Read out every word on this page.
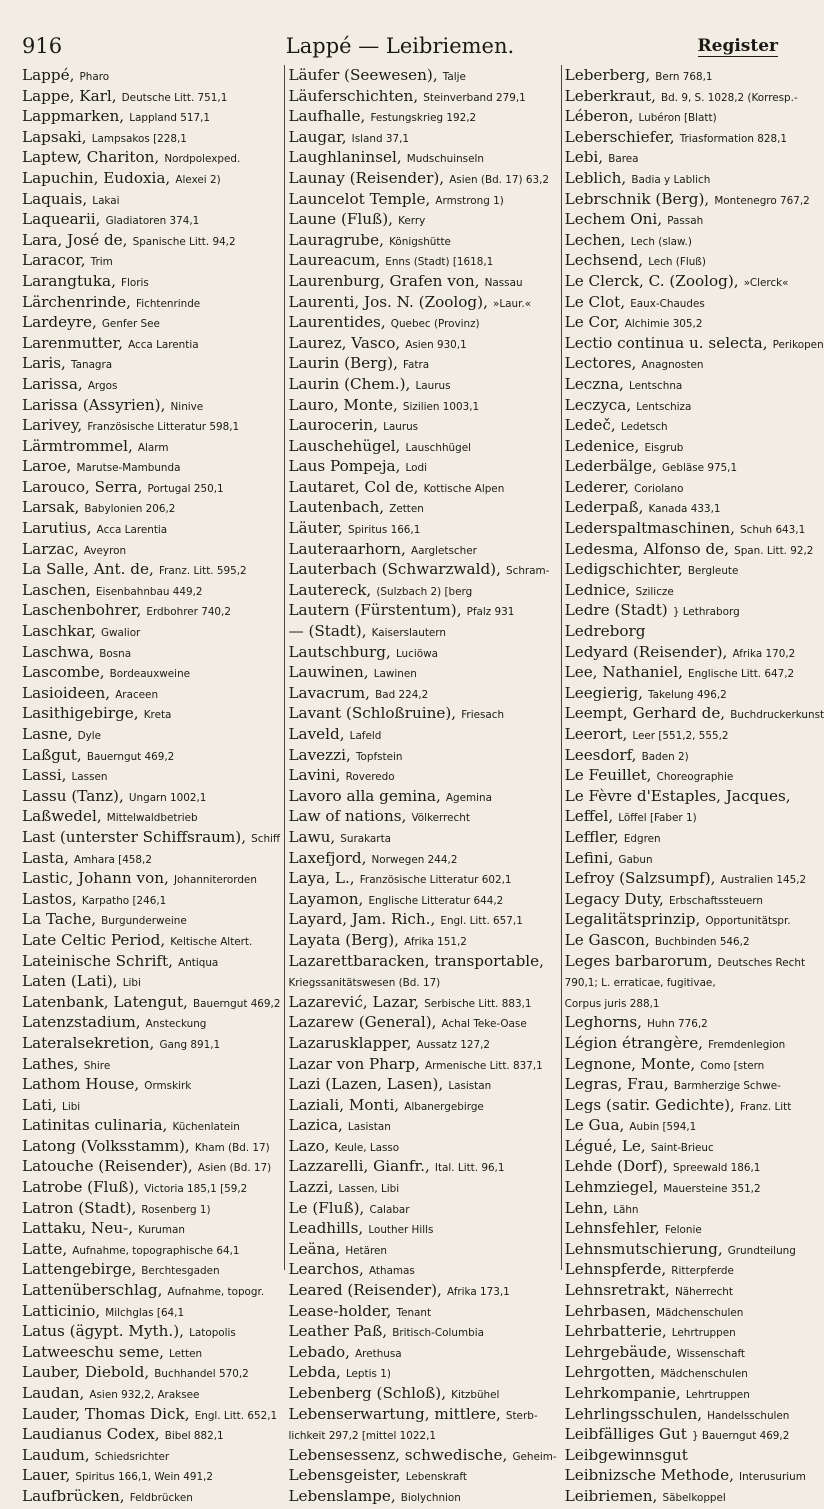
916	Lappé — Leibriemen.	Register
Lappé, Pharo
Lappe, Karl, Deutsche Litt. 751,1
Lappmarken, Lappland 517,1
Lapsaki, Lampsakos [228,1
Laptew, Chariton, Nordpolexped.
Lapuchin, Eudoxia, Alexei 2)
Laquais, Lakai
Laquearii, Gladiatoren 374,1
Lara, José de, Spanische Litt. 94,2
Laracor, Trim
Larangtuka, Floris
Lärchenrinde, Fichtenrinde
Lardeyre, Genfer See
Larenmutter, Acca Larentia
Laris, Tanagra
Larissa, Argos
Larissa (Assyrien), Ninive
Larivey, Französische Litteratur 598,1
Lärmtrommel, Alarm
Laroe, Marutse-Mambunda
Larouco, Serra, Portugal 250,1
Larsak, Babylonien 206,2
Larutius, Acca Larentia
Larzac, Aveyron
La Salle, Ant. de, Franz. Litt. 595,2
Laschen, Eisenbahnbau 449,2
Laschenbohrer, Erdbohrer 740,2
Laschkar, Gwalior
Laschwa, Bosna
Lascombe, Bordeauxweine
Lasioideen, Araceen
Lasithigebirge, Kreta
Lasne, Dyle
Laßgut, Bauerngut 469,2
Lassi, Lassen
Lassu (Tanz), Ungarn 1002,1
Laßwedel, Mittelwaldbetrieb
Last (unterster Schiffsraum), Schiff
Lasta, Amhara [458,2
Lastic, Johann von, Johanniterorden
Lastos, Karpatho [246,1
La Tache, Burgunderweine
Late Celtic Period, Keltische Altert.
Lateinische Schrift, Antiqua
Laten (Lati), Libi
Latenbank, Latengut, Bauerngut 469,2
Latenzstadium, Ansteckung
Lateralsekretion, Gang 891,1
Lathes, Shire
Lathom House, Ormskirk
Lati, Libi
Latinitas culinaria, Küchenlatein
Latong (Volksstamm), Kham (Bd. 17)
Latouche (Reisender), Asien (Bd. 17)
Latrobe (Fluß), Victoria 185,1 [59,2
Latron (Stadt), Rosenberg 1)
Lattaku, Neu-, Kuruman
Latte, Aufnahme, topographische 64,1
Lattengebirge, Berchtesgaden
Lattenüberschlag, Aufnahme, topogr.
Latticinio, Milchglas [64,1
Latus (ägypt. Myth.), Latopolis
Latweeschu seme, Letten
Lauber, Diebold, Buchhandel 570,2
Laudan, Asien 932,2, Araksee
Lauder, Thomas Dick, Engl. Litt. 652,1
Laudianus Codex, Bibel 882,1
Laudum, Schiedsrichter
Lauer, Spiritus 166,1, Wein 491,2
Laufbrücken, Feldbrücken
Läufer (Seewesen), Talje
Läuferschichten, Steinverband 279,1
Laufhalle, Festungskrieg 192,2
Laugar, Island 37,1
Laughlaninsel, Mudschuinseln
Launay (Reisender), Asien (Bd. 17) 63,2
Launcelot Temple, Armstrong 1)
Laune (Fluß), Kerry
Lauragrube, Königshütte
Laureacum, Enns (Stadt) [1618,1
Laurenburg, Grafen von, Nassau
Laurenti, Jos. N. (Zoolog), »Laur.«
Laurentides, Quebec (Provinz)
Laurez, Vasco, Asien 930,1
Laurin (Berg), Fatra
Laurin (Chem.), Laurus
Lauro, Monte, Sizilien 1003,1
Laurocerin, Laurus
Lauschehügel, Lauschhügel
Laus Pompeja, Lodi
Lautaret, Col de, Kottische Alpen
Lautenbach, Zetten
Läuter, Spiritus 166,1
Lauteraarhorn, Aargletscher
Lauterbach (Schwarzwald), Schram-
Lautereck, (Sulzbach 2) [berg
Lautern (Fürstentum), Pfalz 931
— (Stadt), Kaiserslautern
Lautschburg, Luciöwa
Lauwinen, Lawinen
Lavacrum, Bad 224,2
Lavant (Schloßruine), Friesach
Laveld, Lafeld
Lavezzi, Topfstein
Lavini, Roveredo
Lavoro alla gemina, Agemina
Law of nations, Völkerrecht
Lawu, Surakarta
Laxefjord, Norwegen 244,2
Laya, L., Französische Litteratur 602,1
Layamon, Englische Litteratur 644,2
Layard, Jam. Rich., Engl. Litt. 657,1
Layata (Berg), Afrika 151,2
Lazarettbaracken, transportable,
Kriegssanitätswesen (Bd. 17)
Lazarević, Lazar, Serbische Litt. 883,1
Lazarew (General), Achal Teke-Oase
Lazarusklapper, Aussatz 127,2
Lazar von Pharp, Armenische Litt. 837,1
Lazi (Lazen, Lasen), Lasistan
Laziali, Monti, Albanergebirge
Lazica, Lasistan
Lazo, Keule, Lasso
Lazzarelli, Gianfr., Ital. Litt. 96,1
Lazzi, Lassen, Libi
Le (Fluß), Calabar
Leadhills, Louther Hills
Leäna, Hetären
Learchos, Athamas
Leared (Reisender), Afrika 173,1
Lease-holder, Tenant
Leather Paß, Britisch-Columbia
Lebado, Arethusa
Lebda, Leptis 1)
Lebenberg (Schloß), Kitzbühel
Lebenserwartung, mittlere, Sterb-
lichkeit 297,2 [mittel 1022,1
Lebensessenz, schwedische, Geheim-
Lebensgeister, Lebenskraft
Lebenslampe, Biolychnion
Leberberg, Bern 768,1
Leberkraut, Bd. 9, S. 1028,2 (Korresp.-
Léberon, Lubéron [Blatt)
Leberschiefer, Triasformation 828,1
Lebi, Barea
Leblich, Badia y Lablich
Lebrschnik (Berg), Montenegro 767,2
Lechem Oni, Passah
Lechen, Lech (slaw.)
Lechsend, Lech (Fluß)
Le Clerck, C. (Zoolog), »Clerck«
Le Clot, Eaux-Chaudes
Le Cor, Alchimie 305,2
Lectio continua u. selecta, Perikopen
Lectores, Anagnosten
Leczna, Lentschna
Leczyca, Lentschiza
Ledeč, Ledetsch
Ledenice, Eisgrub
Lederbälge, Gebläse 975,1
Lederer, Coriolano
Lederpaß, Kanada 433,1
Lederspaltmaschinen, Schuh 643,1
Ledesma, Alfonso de, Span. Litt. 92,2
Ledigschichter, Bergleute
Lednice, Szilicze
Ledre (Stadt) } Lethraborg
Ledreborg
Ledyard (Reisender), Afrika 170,2
Lee, Nathaniel, Englische Litt. 647,2
Leegierig, Takelung 496,2
Leempt, Gerhard de, Buchdruckerkunst
Leerort, Leer [551,2, 555,2
Leesdorf, Baden 2)
Le Feuillet, Choreographie
Le Fèvre d'Estaples, Jacques,
Leffel, Löffel [Faber 1)
Leffler, Edgren
Lefini, Gabun
Lefroy (Salzsumpf), Australien 145,2
Legacy Duty, Erbschaftssteuern
Legalitätsprinzip, Opportunitätspr.
Le Gascon, Buchbinden 546,2
Leges barbarorum, Deutsches Recht
790,1; L. erraticae, fugitivae,
Corpus juris 288,1
Leghorns, Huhn 776,2
Légion étrangère, Fremdenlegion
Legnone, Monte, Como [stern
Legras, Frau, Barmherzige Schwe-
Legs (satir. Gedichte), Franz. Litt
Le Gua, Aubin [594,1
Légué, Le, Saint-Brieuc
Lehde (Dorf), Spreewald 186,1
Lehmziegel, Mauersteine 351,2
Lehn, Lähn
Lehnsfehler, Felonie
Lehnsmutschierung, Grundteilung
Lehnspferde, Ritterpferde
Lehnsretrakt, Näherrecht
Lehrbasen, Mädchenschulen
Lehrbatterie, Lehrtruppen
Lehrgebäude, Wissenschaft
Lehrgotten, Mädchenschulen
Lehrkompanie, Lehrtruppen
Lehrlingsschulen, Handelsschulen
Leibfälliges Gut } Bauerngut 469,2
Leibgewinnsgut
Leibnizsche Methode, Interusurium
Leibriemen, Säbelkoppel
